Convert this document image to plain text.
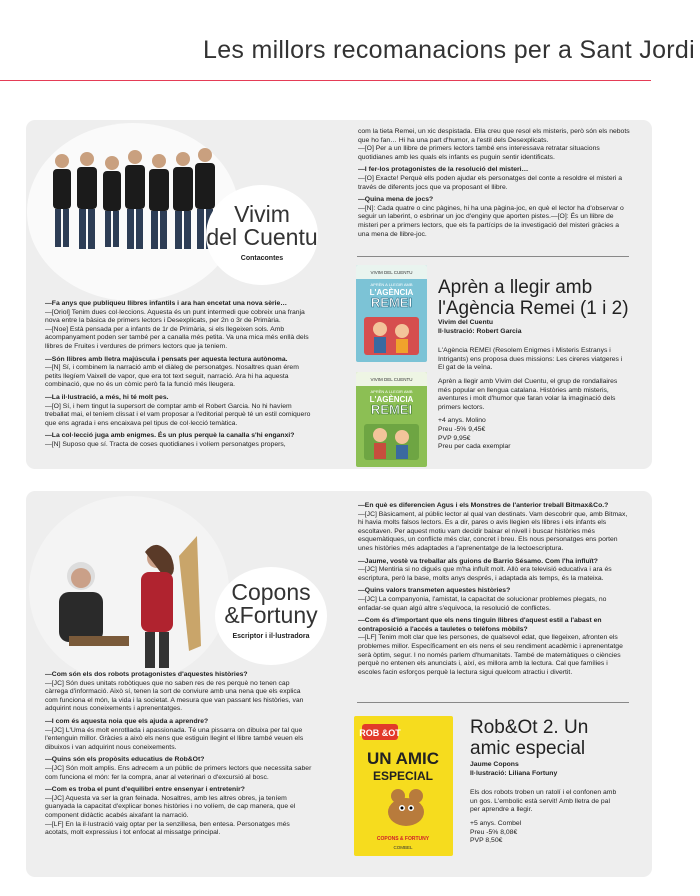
Les millors recomanacions per a Sant Jordi
Vivim
del Cuentu
Contacontes

—Fa anys que publiqueu llibres infantils i ara han encetat una nova sèrie…
—[Oriol] Tenim dues col·leccions. Aquesta és un punt intermedi que cobreix una franja nova entre la bàsica de primers lectors i Desexplicats, per 2n o 3r de Primària.
—[Noe] Està pensada per a infants de 1r de Primària, si els llegeixen sols. Amb acompanyament poden ser també per a canalla més petita. Va una mica més enllà dels llibres de Fruites i verdures de primers lectors que ja teniem.

—Són llibres amb lletra majúscula i pensats per aquesta lectura autònoma.
—[N] Sí, i combinem la narració amb el diàleg de personatges. Nosaltres quan érem petits llegíem Vaixell de vapor, que era tot text seguit, narració. Ara hi ha aquesta combinació, que no és un còmic però fa la funció més lleugera.

—La il·lustració, a més, hi té molt pes.
—[O] Sí, i hem tingut la supersort de comptar amb el Robert Garcia. No hi havíem treballat mai, el teníem clissat i el vam proposar a l'editorial perquè té un estil comiquero que ens agrada i ens encaixava pel tipus de col·lecció temàtica.

—La col·lecció juga amb enigmes. És un plus perquè la canalla s'hi enganxi?
—[N] Suposo que sí. Tracta de coses quotidianes i volíem personatges propers,

com la tieta Remei, un xic despistada. Ella creu que resol els misteris, però són els nebots que ho fan… Hi ha una part d'humor, a l'estil dels Desexplicats.
—[O] Per a un llibre de primers lectors també ens interessava retratar situacions quotidianes amb les quals els infants es puguin sentir identificats.

—I fer-los protagonistes de la resolució del misteri…
—[O] Exacte! Perquè ells poden ajudar els personatges del conte a resoldre el misteri a través de diferents jocs que va proposant el llibre.

—Quina mena de jocs?
—[N]: Cada quatre o cinc pàgines, hi ha una pàgina-joc, en què el lector ha d'observar o seguir un laberint, o esbrinar un joc d'enginy que aporten pistes.—[O]: És un llibre de misteri per a primers lectors, que els fa partícips de la investigació del misteri gràcies a una mena de llibre-joc.

VIVIM DEL CUENTU
APRÈN A LLEGIR AMB
L'AGÈNCIA
REMEI
VIVIM DEL CUENTU
APRÈN A LLEGIR AMB
L'AGÈNCIA
REMEI
Aprèn a llegir amb l'Agència Remei (1 i 2)

Vivim del Cuentu
Il·lustració: Robert Garcia

L'Agència REMEI (Resolem Enigmes i Misteris Estranys i Intrigants) ens proposa dues missions: Les cireres viatgeres i El gat de la veïna.

Aprèn a llegir amb Vivim del Cuentu, el grup de rondallaires més popular en llengua catalana. Històries amb misteris, aventures i molt d'humor que faran volar la imaginació dels primers lectors.

+4 anys. Molino
Preu -5% 9,45€
PVP 9,95€
Preu per cada exemplar

Copons
&Fortuny
Escriptor i il·lustradora

—Com són els dos robots protagonistes d'aquestes històries?
—[JC] Són dues unitats robòtiques que no saben res de res perquè no tenen cap càrrega d'informació. Això sí, tenen la sort de conviure amb una nena que els explica com funciona el món, la vida i la societat. A mesura que van passant les històries, van adquirint nous coneixements i aprenentatges.

—I com és aquesta noia que els ajuda a aprendre?
—[JC] L'Uma és molt enrotllada i apassionada. Té una pissarra on dibuixa per tal que l'entenguin millor. Gràcies a això els nens que estiguin llegint el llibre també veuen els dibuixos i van adquirint nous coneixements.

—Quins són els propòsits educatius de Rob&Ot?
—[JC] Són molt amplis. Ens adrecem a un públic de primers lectors que necessita saber com funciona el món: fer la compra, anar al veterinari o d'excursió al bosc.

—Com es troba el punt d'equilibri entre ensenyar i entretenir?
—[JC] Aquesta va ser la gran feinada. Nosaltres, amb les altres obres, ja teníem guanyada la capacitat d'explicar bones històries i no volíem, de cap manera, que el component didàctic acabés aixafant la narració.
—[LF] En la il·lustració vaig optar per la senzillesa, ben entesa. Personatges més acotats, molt expressius i tot enfocat al missatge principal.

—En què es diferencien Agus i els Monstres de l'anterior treball Bitmax&Co.?
—[JC] Bàsicament, al públic lector al qual van destinats. Vam descobrir que, amb Bitmax, hi havia molts falsos lectors. Es a dir, pares o avis llegien els llibres i els infants els escoltaven. Per aquest motiu vam decidir baixar el nivell i buscar històries més esquemàtiques, un conflicte més clar, concret i breu. Els nous personatges ens porten unes històries més adaptades a l'aprenentatge de la lectoescriptura.

—Jaume, vostè va treballar als guions de Barrio Sésamo. Com l'ha influït?
—[JC] Mentiria si no digués que m'ha influït molt. Allò era televisió educativa i ara és escriptura, però la base, molts anys després, i adaptada als temps, és la mateixa.

—Quins valors transmeten aquestes històries?
—[JC] La companyonia, l'amistat, la capacitat de solucionar problemes plegats, no enfadar-se quan algú altre s'equivoca, la resolució de conflictes.

—Com és d'important que els nens tinguin llibres d'aquest estil a l'abast en contraposició a l'accés a tauletes o telèfons mòbils?
—[LF] Tenim molt clar que les persones, de qualsevol edat, que llegeixen, afronten els problemes millor. Específicament en els nens el seu rendiment acadèmic i aprenentatge serà òptim, segur. I no només parlem d'humanitats. També de matemàtiques o ciències perquè no entenen els anunciats i, així, es millora amb la lectura. Cal que famílies i escoles facin esforços perquè la lectura sigui quelcom atractiu i divertit.

ROB &OT
UN AMIC
ESPECIAL
COPONS & FORTUNY
COMBEL
Rob&Ot 2. Un amic especial

Jaume Copons
Il·lustració: Liliana Fortuny

Els dos robots troben un ratolí i el confonen amb un gos. L'embolic està servit! Amb lletra de pal per aprendre a llegir.

+5 anys. Combel
Preu -5% 8,08€
PVP 8,50€
